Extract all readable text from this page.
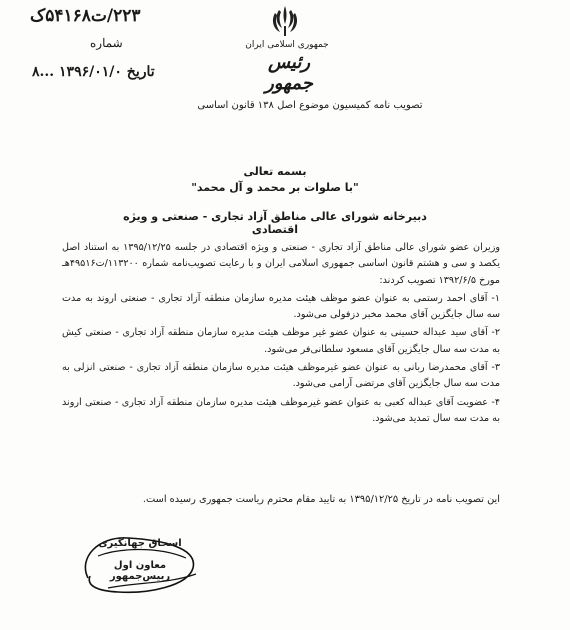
۲۲۳/ت۵۴۱۶۸ک
شماره
تاریخ ۱۳۹۶/۰۱/۰ ...۸
جمهوری اسلامی ایران
رئیس جمهور
تصویب نامه کمیسیون موضوع اصل ۱۳۸ قانون اساسی
بسمه تعالی
"با صلوات بر محمد و آل محمد"
دبیرخانه شورای عالی مناطق آزاد تجاری - صنعتی و ویژه اقتصادی

وزیران عضو شورای عالی مناطق آزاد تجاری - صنعتی و ویژه اقتصادی در جلسه ۱۳۹۵/۱۲/۲۵ به استناد اصل یکصد و سی و هشتم قانون اساسی جمهوری اسلامی ایران و با رعایت تصویب‌نامه شماره ۱۱۳۲۰۰/ت۴۹۵۱۶هـ مورخ ۱۳۹۲/۶/۵ تصویب کردند:

۱- آقای احمد رستمی به عنوان عضو موظف هیئت مدیره سازمان منطقه آزاد تجاری - صنعتی اروند به مدت سه سال جایگزین آقای محمد مخبر دزفولی می‌شود.

۲- آقای سید عبداله حسینی به عنوان عضو غیر موظف هیئت مدیره سازمان منطقه آزاد تجاری - صنعتی کیش به مدت سه سال جایگزین آقای مسعود سلطانی‌فر می‌شود.

۳- آقای محمدرضا ربانی به عنوان عضو غیرموظف هیئت مدیره سازمان منطقه آزاد تجاری - صنعتی انزلی به مدت سه سال جایگزین آقای مرتضی آرامی می‌شود.

۴- عضویت آقای عبداله کعبی به عنوان عضو غیرموظف هیئت مدیره سازمان منطقه آزاد تجاری - صنعتی اروند به مدت سه سال تمدید می‌شود.

این تصویب نامه در تاریخ ۱۳۹۵/۱۲/۲۵ به تایید مقام محترم ریاست جمهوری رسیده است.
اسحاق جهانگیری
معاون اول رییس‌جمهور
